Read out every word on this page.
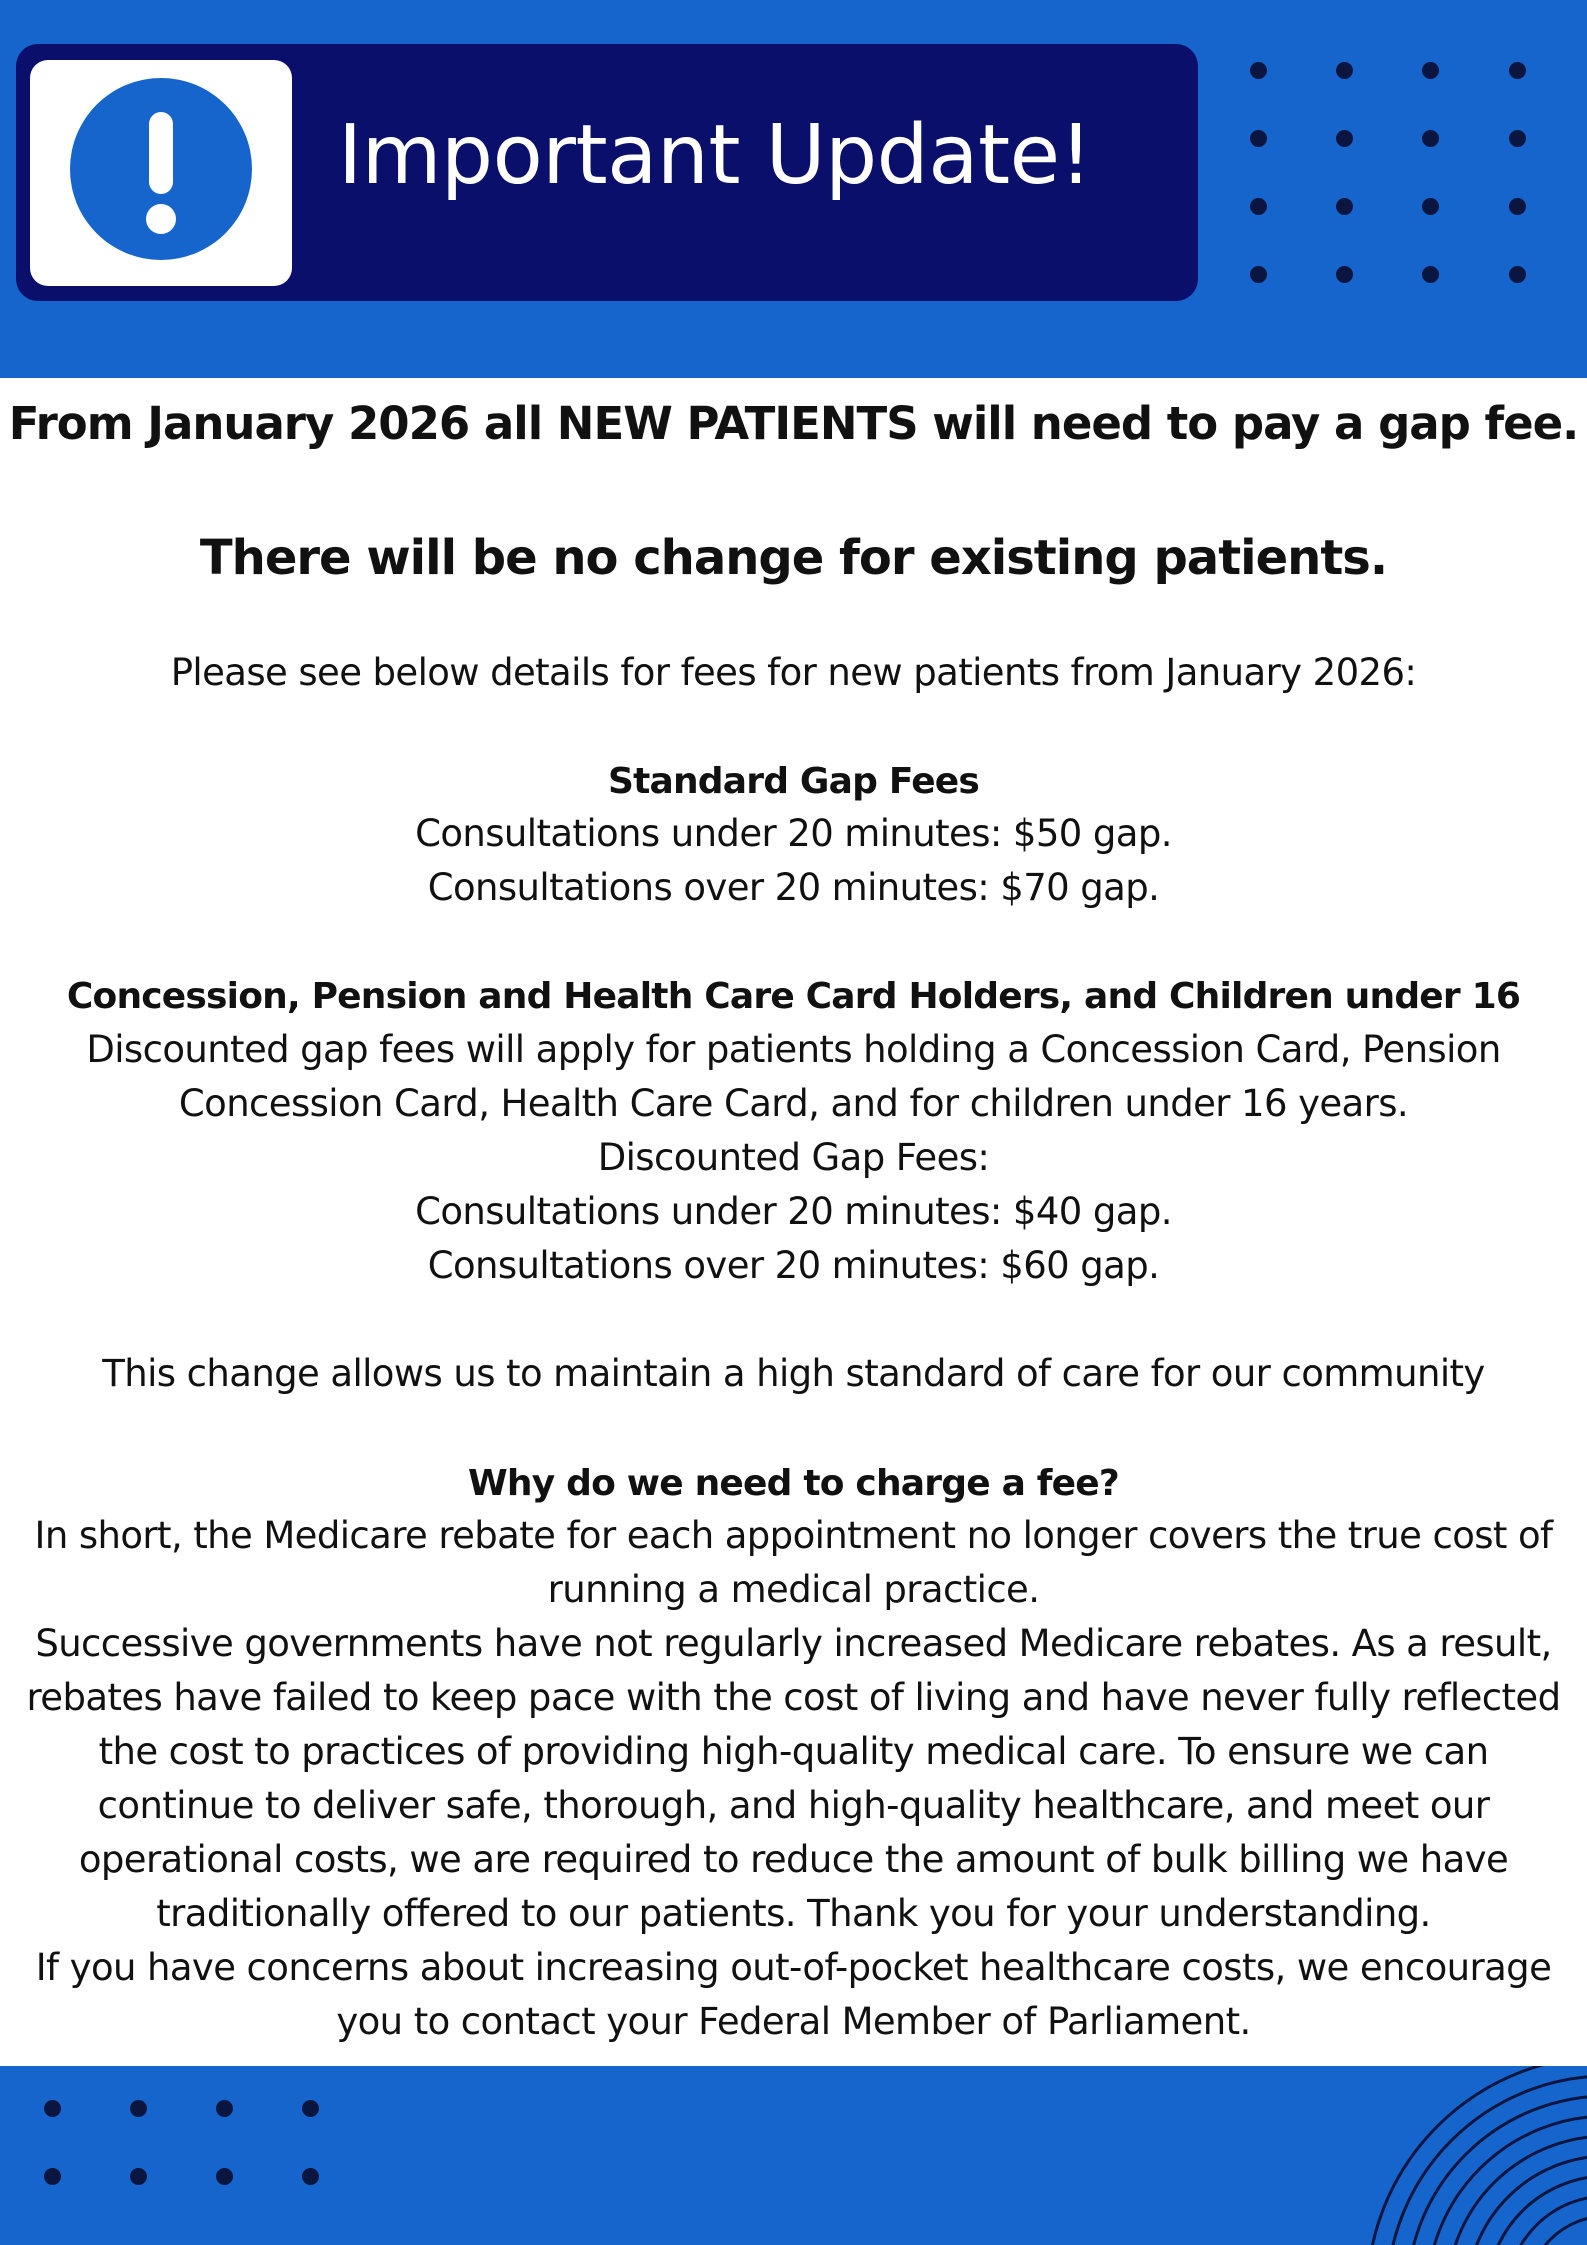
Important Update!
From January 2026 all NEW PATIENTS will need to pay a gap fee.
There will be no change for existing patients.
Please see below details for fees for new patients from January 2026:
Standard Gap Fees
Consultations under 20 minutes: $50 gap.
Consultations over 20 minutes: $70 gap.
Concession, Pension and Health Care Card Holders, and Children under 16
Discounted gap fees will apply for patients holding a Concession Card, Pension
Concession Card, Health Care Card, and for children under 16 years.
Discounted Gap Fees:
Consultations under 20 minutes: $40 gap.
Consultations over 20 minutes: $60 gap.
This change allows us to maintain a high standard of care for our community
Why do we need to charge a fee?
In short, the Medicare rebate for each appointment no longer covers the true cost of
running a medical practice.
Successive governments have not regularly increased Medicare rebates. As a result,
rebates have failed to keep pace with the cost of living and have never fully reflected
the cost to practices of providing high-quality medical care. To ensure we can
continue to deliver safe, thorough, and high-quality healthcare, and meet our
operational costs, we are required to reduce the amount of bulk billing we have
traditionally offered to our patients. Thank you for your understanding.
If you have concerns about increasing out-of-pocket healthcare costs, we encourage
you to contact your Federal Member of Parliament.
